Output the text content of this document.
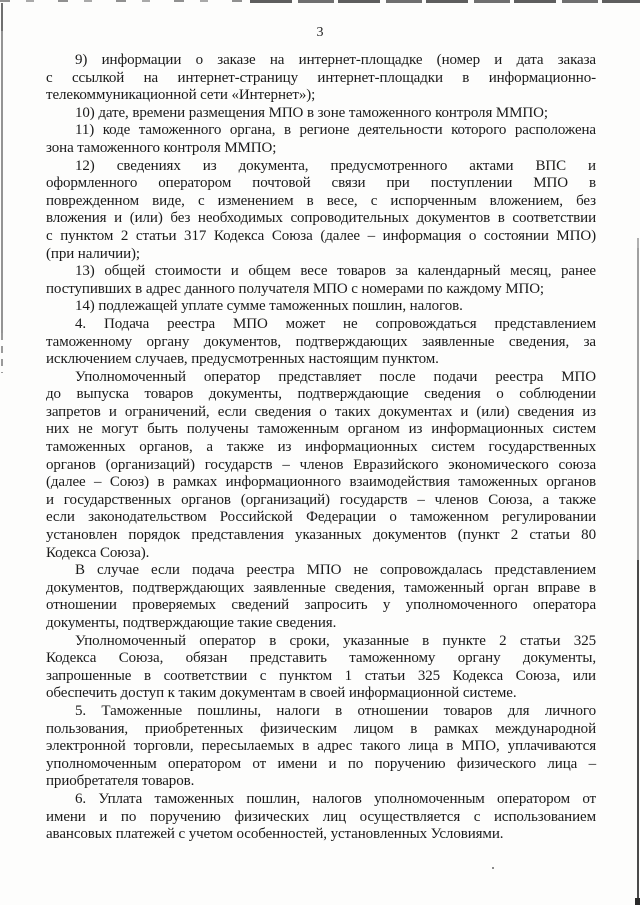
3
9) информации о заказе на интернет-площадке (номер и дата заказа
с ссылкой на интернет-страницу интернет-площадки в информационно-
телекоммуникационной сети «Интернет»);
10) дате, времени размещения МПО в зоне таможенного контроля ММПО;
11) коде таможенного органа, в регионе деятельности которого расположена
зона таможенного контроля ММПО;
12) сведениях из документа, предусмотренного актами ВПС и
оформленного оператором почтовой связи при поступлении МПО в
поврежденном виде, с изменением в весе, с испорченным вложением, без
вложения и (или) без необходимых сопроводительных документов в соответствии
с пунктом 2 статьи 317 Кодекса Союза (далее – информация о состоянии МПО)
(при наличии);
13) общей стоимости и общем весе товаров за календарный месяц, ранее
поступивших в адрес данного получателя МПО с номерами по каждому МПО;
14) подлежащей уплате сумме таможенных пошлин, налогов.
4. Подача реестра МПО может не сопровождаться представлением
таможенному органу документов, подтверждающих заявленные сведения, за
исключением случаев, предусмотренных настоящим пунктом.
Уполномоченный оператор представляет после подачи реестра МПО
до выпуска товаров документы, подтверждающие сведения о соблюдении
запретов и ограничений, если сведения о таких документах и (или) сведения из
них не могут быть получены таможенным органом из информационных систем
таможенных органов, а также из информационных систем государственных
органов (организаций) государств – членов Евразийского экономического союза
(далее – Союз) в рамках информационного взаимодействия таможенных органов
и государственных органов (организаций) государств – членов Союза, а также
если законодательством Российской Федерации о таможенном регулировании
установлен порядок представления указанных документов (пункт 2 статьи 80
Кодекса Союза).
В случае если подача реестра МПО не сопровождалась представлением
документов, подтверждающих заявленные сведения, таможенный орган вправе в
отношении проверяемых сведений запросить у уполномоченного оператора
документы, подтверждающие такие сведения.
Уполномоченный оператор в сроки, указанные в пункте 2 статьи 325
Кодекса Союза, обязан представить таможенному органу документы,
запрошенные в соответствии с пунктом 1 статьи 325 Кодекса Союза, или
обеспечить доступ к таким документам в своей информационной системе.
5. Таможенные пошлины, налоги в отношении товаров для личного
пользования, приобретенных физическим лицом в рамках международной
электронной торговли, пересылаемых в адрес такого лица в МПО, уплачиваются
уполномоченным оператором от имени и по поручению физического лица –
приобретателя товаров.
6. Уплата таможенных пошлин, налогов уполномоченным оператором от
имени и по поручению физических лиц осуществляется с использованием
авансовых платежей с учетом особенностей, установленных Условиями.
